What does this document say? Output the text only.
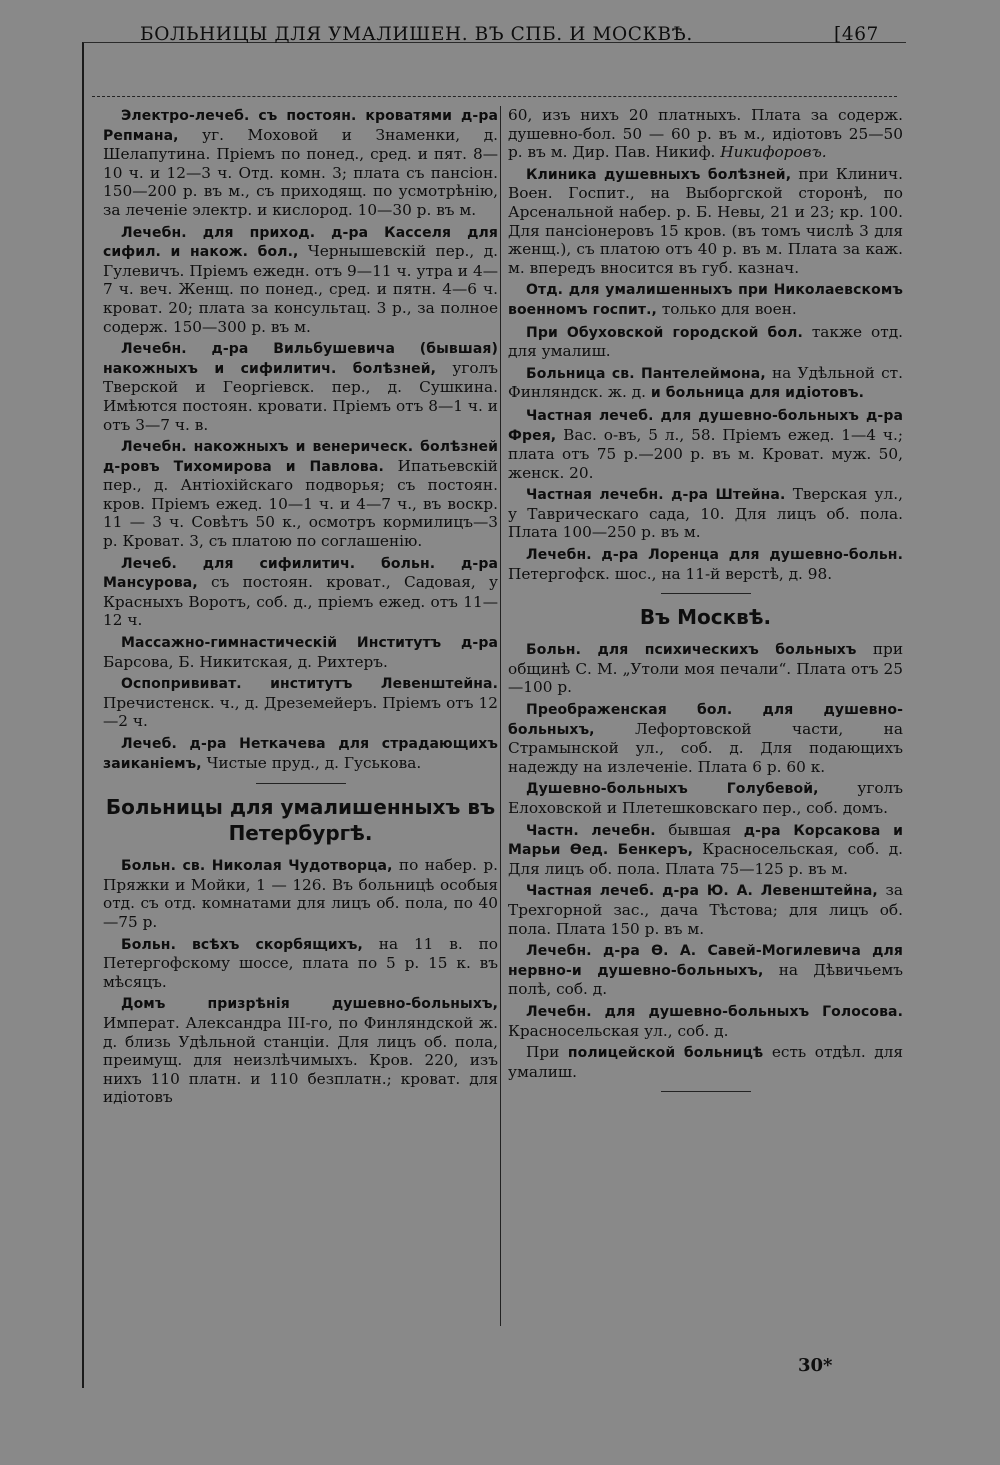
БОЛЬНИЦЫ ДЛЯ УМАЛИШЕН. ВЪ СПБ. И МОСКВѢ.	[467

Электро-лечеб. съ постоян. кроватями д-ра Репмана, уг. Моховой и Знаменки, д. Шелапутина. Пріемъ по понед., сред. и пят. 8—10 ч. и 12—3 ч. Отд. комн. 3; плата съ пансіон. 150—200 р. въ м., съ приходящ. по усмотрѣнію, за леченіе электр. и кислород. 10—30 р. въ м.

Лечебн. для приход. д-ра Касселя для сифил. и накож. бол., Чернышевскій пер., д. Гулевичъ. Пріемъ ежедн. отъ 9—11 ч. утра и 4—7 ч. веч. Женщ. по понед., сред. и пятн. 4—6 ч. кроват. 20; плата за консультац. 3 р., за полное содерж. 150—300 р. въ м.

Лечебн. д-ра Вильбушевича (бывшая) накожныхъ и сифилитич. болѣзней, уголъ Тверской и Георгіевск. пер., д. Сушкина. Имѣются постоян. кровати. Пріемъ отъ 8—1 ч. и отъ 3—7 ч. в.

Лечебн. накожныхъ и венерическ. болѣзней д-ровъ Тихомирова и Павлова. Ипатьевскій пер., д. Антіохійскаго подворья; съ постоян. кров. Пріемъ ежед. 10—1 ч. и 4—7 ч., въ воскр. 11 — 3 ч. Совѣтъ 50 к., осмотръ кормилицъ—3 р. Кроват. 3, съ платою по соглашенію.

Лечеб. для сифилитич. больн. д-ра Мансурова, съ постоян. кроват., Садовая, у Красныхъ Воротъ, соб. д., пріемъ ежед. отъ 11—12 ч.

Массажно-гимнастическій Институтъ д-ра Барсова, Б. Никитская, д. Рихтеръ.

Оспопрививат. институтъ Левенштейна. Пречистенск. ч., д. Дреземейеръ. Пріемъ отъ 12—2 ч.

Лечеб. д-ра Неткачева для страдающихъ заиканіемъ, Чистые пруд., д. Гуськова.

Больницы для умалишенныхъ въ Петербургѣ.

Больн. св. Николая Чудотворца, по набер. р. Пряжки и Мойки, 1 — 126. Въ больницѣ особыя отд. съ отд. комнатами для лицъ об. пола, по 40—75 р.

Больн. всѣхъ скорбящихъ, на 11 в. по Петергофскому шоссе, плата по 5 р. 15 к. въ мѣсяцъ.

Домъ призрѣнія душевно-больныхъ, Императ. Александра III-го, по Финляндской ж. д. близь Удѣльной станціи. Для лицъ об. пола, преимущ. для неизлѣчимыхъ. Кров. 220, изъ нихъ 110 платн. и 110 безплатн.; кроват. для идіотовъ

60, изъ нихъ 20 платныхъ. Плата за содерж. душевно-бол. 50 — 60 р. въ м., идіотовъ 25—50 р. въ м. Дир. Пав. Никиф. Никифоровъ.

Клиника душевныхъ болѣзней, при Клинич. Воен. Госпит., на Выборгской сторонѣ, по Арсенальной набер. р. Б. Невы, 21 и 23; кр. 100. Для пансіонеровъ 15 кров. (въ томъ числѣ 3 для женщ.), съ платою отъ 40 р. въ м. Плата за каж. м. впередъ вносится въ губ. казнач.

Отд. для умалишенныхъ при Николаевскомъ военномъ госпит., только для воен.

При Обуховской городской бол. также отд. для умалиш.

Больница св. Пантелеймона, на Удѣльной ст. Финляндск. ж. д. и больница для идіотовъ.

Частная лечеб. для душевно-больныхъ д-ра Фрея, Вас. о-въ, 5 л., 58. Пріемъ ежед. 1—4 ч.; плата отъ 75 р.—200 р. въ м. Кроват. муж. 50, женск. 20.

Частная лечебн. д-ра Штейна. Тверская ул., у Таврическаго сада, 10. Для лицъ об. пола. Плата 100—250 р. въ м.

Лечебн. д-ра Лоренца для душевно-больн. Петергофск. шос., на 11-й верстѣ, д. 98.

Въ Москвѣ.

Больн. для психическихъ больныхъ при общинѣ С. М. „Утоли моя печали“. Плата отъ 25—100 р.

Преображенская бол. для душевно-больныхъ, Лефортовской части, на Страмынской ул., соб. д. Для подающихъ надежду на излеченіе. Плата 6 р. 60 к.

Душевно-больныхъ Голубевой, уголъ Елоховской и Плетешковскаго пер., соб. домъ.

Частн. лечебн. бывшая д-ра Корсакова и Марьи Ѳед. Бенкеръ, Красносельская, соб. д. Для лицъ об. пола. Плата 75—125 р. въ м.

Частная лечеб. д-ра Ю. А. Левенштейна, за Трехгорной зас., дача Тѣстова; для лицъ об. пола. Плата 150 р. въ м.

Лечебн. д-ра Ѳ. А. Савей-Могилевича для нервно-и душевно-больныхъ, на Дѣвичьемъ полѣ, соб. д.

Лечебн. для душевно-больныхъ Голосова. Красносельская ул., соб. д.

При полицейской больницѣ есть отдѣл. для умалиш.

30*
